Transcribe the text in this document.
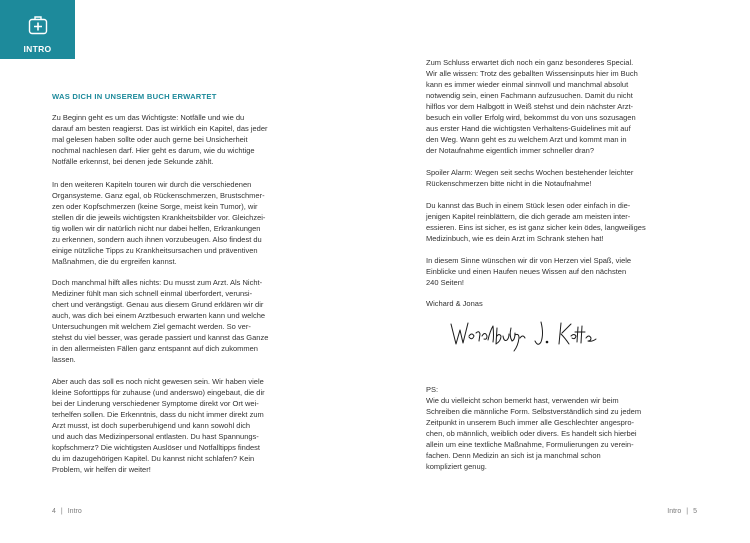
INTRO
WAS DICH IN UNSEREM BUCH ERWARTET

Zu Beginn geht es um das Wichtigste: Notfälle und wie du
darauf am besten reagierst. Das ist wirklich ein Kapitel, das jeder
mal gelesen haben sollte oder auch gerne bei Unsicherheit
nochmal nachlesen darf. Hier geht es darum, wie du wichtige
Notfälle erkennst, bei denen jede Sekunde zählt.

In den weiteren Kapiteln touren wir durch die verschiedenen
Organsysteme. Ganz egal, ob Rückenschmerzen, Brustschmer-
zen oder Kopfschmerzen (keine Sorge, meist kein Tumor), wir
stellen dir die jeweils wichtigsten Krankheitsbilder vor. Gleichzei-
tig wollen wir dir natürlich nicht nur dabei helfen, Erkrankungen
zu erkennen, sondern auch ihnen vorzubeugen. Also findest du
einige nützliche Tipps zu Krankheitsursachen und präventiven
Maßnahmen, die du ergreifen kannst.

Doch manchmal hilft alles nichts: Du musst zum Arzt. Als Nicht-
Mediziner fühlt man sich schnell einmal überfordert, verunsi-
chert und verängstigt. Genau aus diesem Grund erklären wir dir
auch, was dich bei einem Arztbesuch erwarten kann und welche
Untersuchungen mit welchem Ziel gemacht werden. So ver-
stehst du viel besser, was gerade passiert und kannst das Ganze
in den allermeisten Fällen ganz entspannt auf dich zukommen
lassen.

Aber auch das soll es noch nicht gewesen sein. Wir haben viele
kleine Soforttipps für zuhause (und anderswo) eingebaut, die dir
bei der Linderung verschiedener Symptome direkt vor Ort wei-
terhelfen sollen. Die Erkenntnis, dass du nicht immer direkt zum
Arzt musst, ist doch superberuhigend und kann sowohl dich
und auch das Medizinpersonal entlasten. Du hast Spannungs-
kopfschmerz? Die wichtigsten Auslöser und Notfalltipps findest
du im dazugehörigen Kapitel. Du kannst nicht schlafen? Kein
Problem, wir helfen dir weiter!

4 | Intro

Zum Schluss erwartet dich noch ein ganz besonderes Special.
Wir alle wissen: Trotz des geballten Wissensinputs hier im Buch
kann es immer wieder einmal sinnvoll und manchmal absolut
notwendig sein, einen Fachmann aufzusuchen. Damit du nicht
hilflos vor dem Halbgott in Weiß stehst und dein nächster Arzt-
besuch ein voller Erfolg wird, bekommst du von uns sozusagen
aus erster Hand die wichtigsten Verhaltens-Guidelines mit auf
den Weg. Wann geht es zu welchem Arzt und kommt man in
der Notaufnahme eigentlich immer schneller dran?

Spoiler Alarm: Wegen seit sechs Wochen bestehender leichter
Rückenschmerzen bitte nicht in die Notaufnahme!

Du kannst das Buch in einem Stück lesen oder einfach in die-
jenigen Kapitel reinblättern, die dich gerade am meisten inter-
essieren. Eins ist sicher, es ist ganz sicher kein ödes, langweiliges
Medizinbuch, wie es dein Arzt im Schrank stehen hat!

In diesem Sinne wünschen wir dir von Herzen viel Spaß, viele
Einblicke und einen Haufen neues Wissen auf den nächsten
240 Seiten!

Wichard & Jonas

PS:
Wie du vielleicht schon bemerkt hast, verwenden wir beim
Schreiben die männliche Form. Selbstverständlich sind zu jedem
Zeitpunkt in unserem Buch immer alle Geschlechter angespro-
chen, ob männlich, weiblich oder divers. Es handelt sich hierbei
allein um eine textliche Maßnahme, Formulierungen zu verein-
fachen. Denn Medizin an sich ist ja manchmal schon
kompliziert genug.

Intro | 5
